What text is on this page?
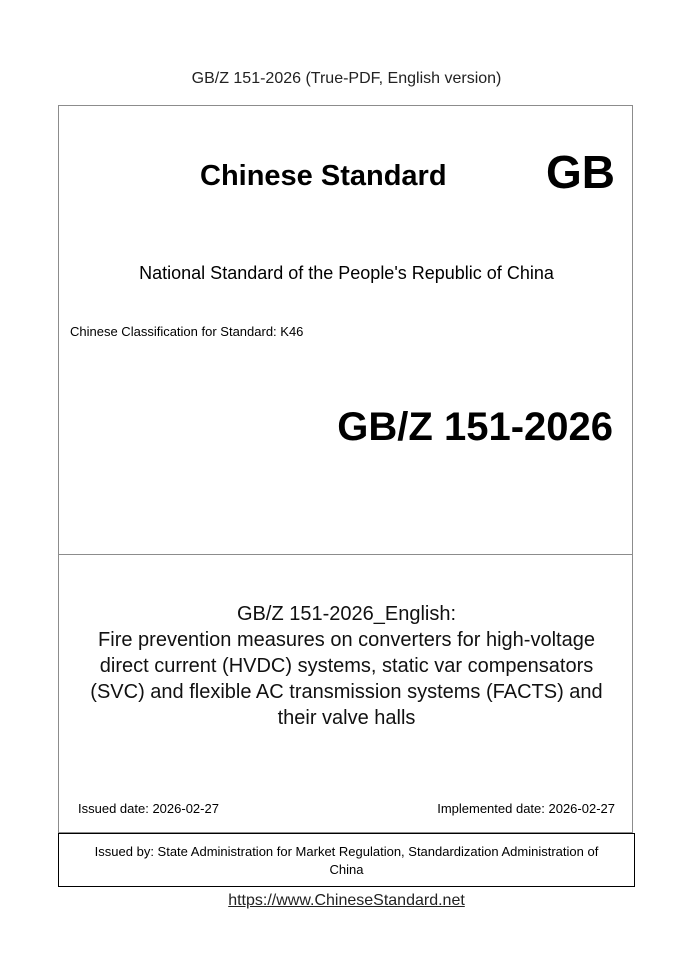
GB/Z 151-2026 (True-PDF, English version)
Chinese Standard GB
National Standard of the People's Republic of China
Chinese Classification for Standard: K46
GB/Z 151-2026
GB/Z 151-2026_English:
Fire prevention measures on converters for high-voltage
direct current (HVDC) systems, static var compensators
(SVC) and flexible AC transmission systems (FACTS) and
their valve halls
Issued date: 2026-02-27	Implemented date: 2026-02-27
Issued by: State Administration for Market Regulation, Standardization Administration of
China
https://www.ChineseStandard.net
